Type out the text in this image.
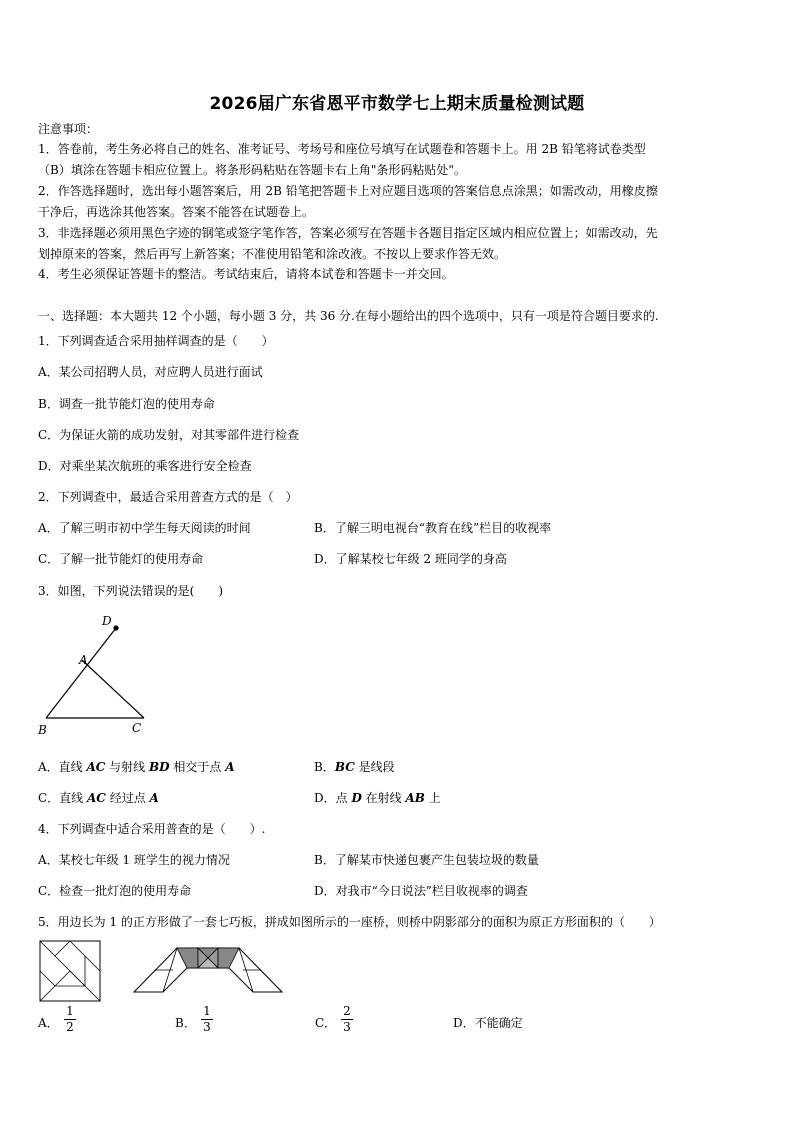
2026届广东省恩平市数学七上期末质量检测试题
注意事项：
1．答卷前，考生务必将自己的姓名、准考证号、考场号和座位号填写在试题卷和答题卡上。用 2B 铅笔将试卷类型
（B）填涂在答题卡相应位置上。将条形码粘贴在答题卡右上角"条形码粘贴处"。
2．作答选择题时，选出每小题答案后，用 2B 铅笔把答题卡上对应题目选项的答案信息点涂黑；如需改动，用橡皮擦
干净后，再选涂其他答案。答案不能答在试题卷上。
3．非选择题必须用黑色字迹的钢笔或签字笔作答，答案必须写在答题卡各题目指定区域内相应位置上；如需改动，先
划掉原来的答案，然后再写上新答案；不准使用铅笔和涂改液。不按以上要求作答无效。
4．考生必须保证答题卡的整洁。考试结束后，请将本试卷和答题卡一并交回。
一、选择题：本大题共 12 个小题，每小题 3 分，共 36 分.在每小题给出的四个选项中，只有一项是符合题目要求的.
1．下列调查适合采用抽样调查的是（　　）
A．某公司招聘人员，对应聘人员进行面试
B．调查一批节能灯泡的使用寿命
C．为保证火箭的成功发射，对其零部件进行检查
D．对乘坐某次航班的乘客进行安全检查
2．下列调查中，最适合采用普查方式的是（　）
A．了解三明市初中学生每天阅读的时间	B．了解三明电视台“教育在线”栏目的收视率
C．了解一批节能灯的使用寿命	D．了解某校七年级 2 班同学的身高
3．如图，下列说法错误的是(　　)
D
A
B	C
A．直线 AC 与射线 BD 相交于点 A	B．BC 是线段
C．直线 AC 经过点 A	D．点 D 在射线 AB 上
4．下列调查中适合采用普查的是（　　）.
A．某校七年级 1 班学生的视力情况	B．了解某市快递包裹产生包装垃圾的数量
C．检查一批灯泡的使用寿命	D．对我市“今日说法”栏目收视率的调查
5．用边长为 1 的正方形做了一套七巧板，拼成如图所示的一座桥，则桥中阴影部分的面积为原正方形面积的（　　）
A．
1
2	B．
1
3	C．
2
3	D．不能确定
